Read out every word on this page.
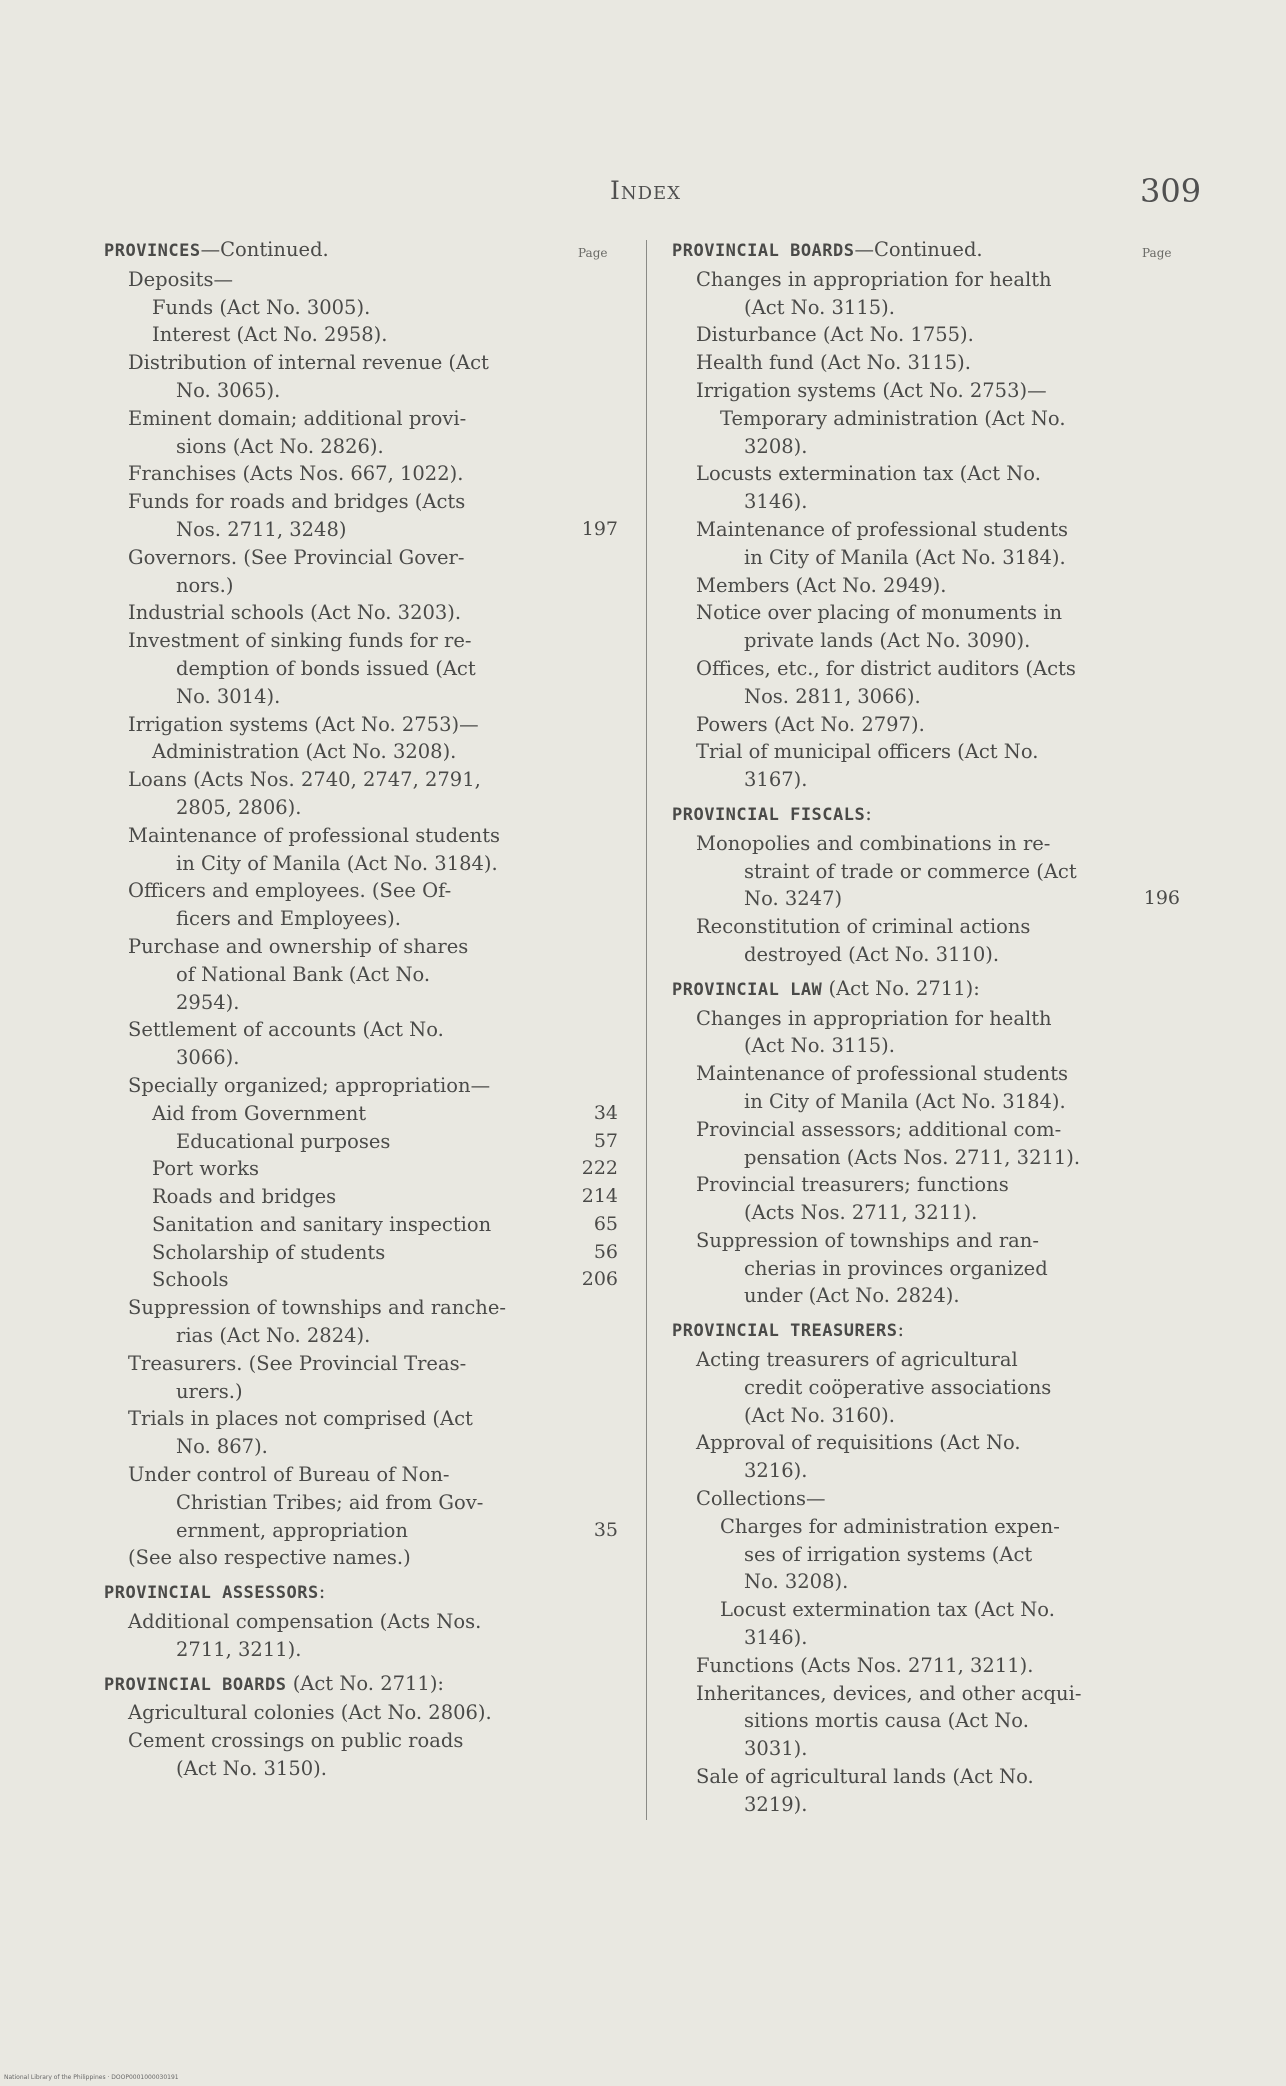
Index	309
Page
PROVINCES—Continued.
Deposits—
Funds (Act No. 3005).
Interest (Act No. 2958).
Distribution of internal revenue (Act
No. 3065).
Eminent domain; additional provi-
sions (Act No. 2826).
Franchises (Acts Nos. 667, 1022).
Funds for roads and bridges (Acts
Nos. 2711, 3248)	197
Governors. (See Provincial Gover-
nors.)
Industrial schools (Act No. 3203).
Investment of sinking funds for re-
demption of bonds issued (Act
No. 3014).
Irrigation systems (Act No. 2753)—
Administration (Act No. 3208).
Loans (Acts Nos. 2740, 2747, 2791,
2805, 2806).
Maintenance of professional students
in City of Manila (Act No. 3184).
Officers and employees. (See Of-
ficers and Employees).
Purchase and ownership of shares
of National Bank (Act No.
2954).
Settlement of accounts (Act No.
3066).
Specially organized; appropriation—
Aid from Government	34
Educational purposes	57
Port works	222
Roads and bridges	214
Sanitation and sanitary inspection	65
Scholarship of students	56
Schools	206
Suppression of townships and ranche-
rias (Act No. 2824).
Treasurers. (See Provincial Treas-
urers.)
Trials in places not comprised (Act
No. 867).
Under control of Bureau of Non-
Christian Tribes; aid from Gov-
ernment, appropriation	35
(See also respective names.)
PROVINCIAL ASSESSORS:
Additional compensation (Acts Nos.
2711, 3211).
PROVINCIAL BOARDS (Act No. 2711):
Agricultural colonies (Act No. 2806).
Cement crossings on public roads
(Act No. 3150).
Page
PROVINCIAL BOARDS—Continued.
Changes in appropriation for health
(Act No. 3115).
Disturbance (Act No. 1755).
Health fund (Act No. 3115).
Irrigation systems (Act No. 2753)—
Temporary administration (Act No.
3208).
Locusts extermination tax (Act No.
3146).
Maintenance of professional students
in City of Manila (Act No. 3184).
Members (Act No. 2949).
Notice over placing of monuments in
private lands (Act No. 3090).
Offices, etc., for district auditors (Acts
Nos. 2811, 3066).
Powers (Act No. 2797).
Trial of municipal officers (Act No.
3167).
PROVINCIAL FISCALS:
Monopolies and combinations in re-
straint of trade or commerce (Act
No. 3247)	196
Reconstitution of criminal actions
destroyed (Act No. 3110).
PROVINCIAL LAW (Act No. 2711):
Changes in appropriation for health
(Act No. 3115).
Maintenance of professional students
in City of Manila (Act No. 3184).
Provincial assessors; additional com-
pensation (Acts Nos. 2711, 3211).
Provincial treasurers; functions
(Acts Nos. 2711, 3211).
Suppression of townships and ran-
cherias in provinces organized
under (Act No. 2824).
PROVINCIAL TREASURERS:
Acting treasurers of agricultural
credit coöperative associations
(Act No. 3160).
Approval of requisitions (Act No.
3216).
Collections—
Charges for administration expen-
ses of irrigation systems (Act
No. 3208).
Locust extermination tax (Act No.
3146).
Functions (Acts Nos. 2711, 3211).
Inheritances, devices, and other acqui-
sitions mortis causa (Act No.
3031).
Sale of agricultural lands (Act No.
3219).
National Library of the Philippines · DOOP0001000030191
